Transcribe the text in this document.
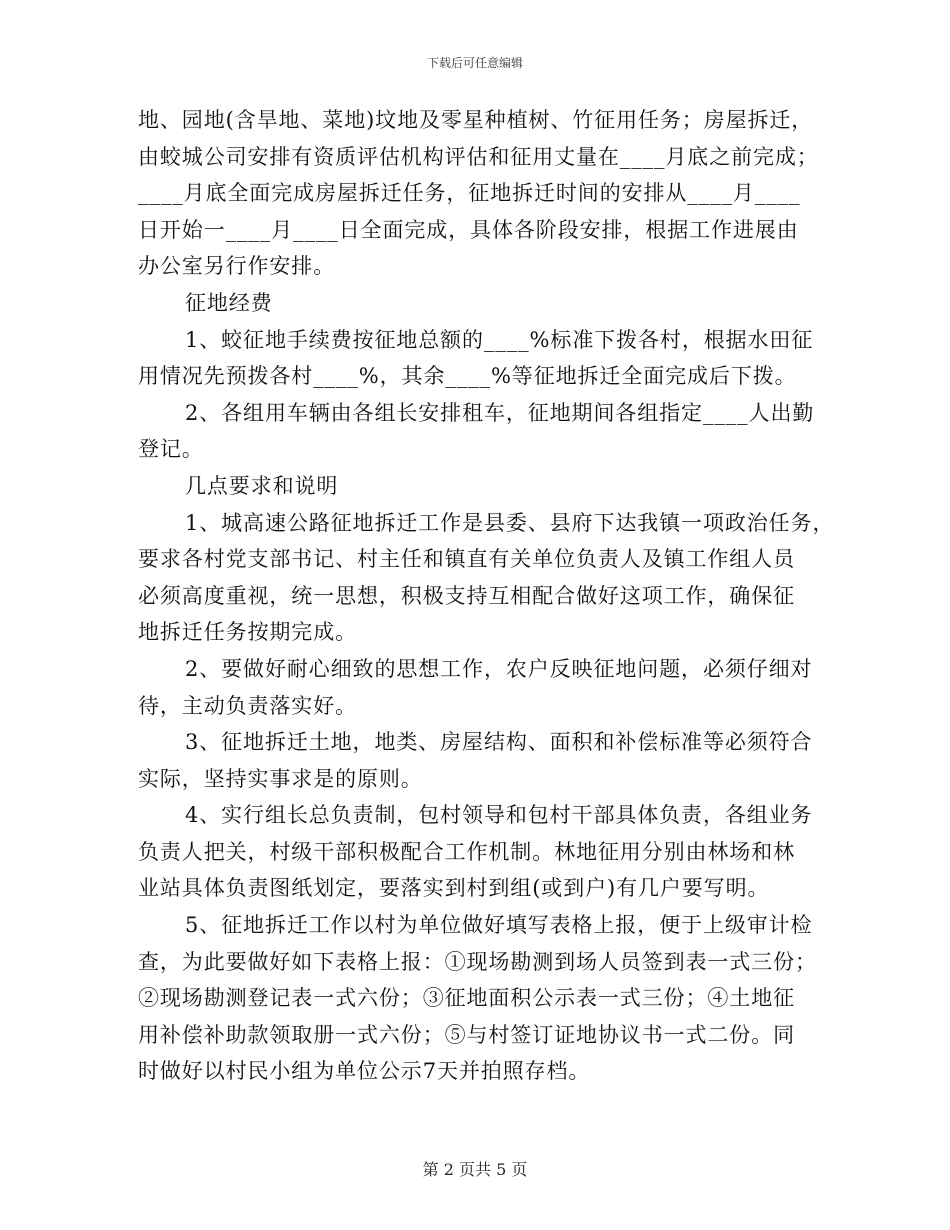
下载后可任意编辑
地、园地(含旱地、菜地)坟地及零星种植树、竹征用任务；房屋拆迁，
由蛟城公司安排有资质评估机构评估和征用丈量在____月底之前完成；
____月底全面完成房屋拆迁任务，征地拆迁时间的安排从____月____
日开始一____月____日全面完成，具体各阶段安排，根据工作进展由
办公室另行作安排。
征地经费
1、蛟征地手续费按征地总额的____%标准下拨各村，根据水田征
用情况先预拨各村____%，其余____%等征地拆迁全面完成后下拨。
2、各组用车辆由各组长安排租车，征地期间各组指定____人出勤
登记。
几点要求和说明
1、城高速公路征地拆迁工作是县委、县府下达我镇一项政治任务，
要求各村党支部书记、村主任和镇直有关单位负责人及镇工作组人员
必须高度重视，统一思想，积极支持互相配合做好这项工作，确保征
地拆迁任务按期完成。
2、要做好耐心细致的思想工作，农户反映征地问题，必须仔细对
待，主动负责落实好。
3、征地拆迁土地，地类、房屋结构、面积和补偿标准等必须符合
实际，坚持实事求是的原则。
4、实行组长总负责制，包村领导和包村干部具体负责，各组业务
负责人把关，村级干部积极配合工作机制。林地征用分别由林场和林
业站具体负责图纸划定，要落实到村到组(或到户)有几户要写明。
5、征地拆迁工作以村为单位做好填写表格上报，便于上级审计检
查，为此要做好如下表格上报：①现场勘测到场人员签到表一式三份；
②现场勘测登记表一式六份；③征地面积公示表一式三份；④土地征
用补偿补助款领取册一式六份；⑤与村签订证地协议书一式二份。同
时做好以村民小组为单位公示7天并拍照存档。
第 2 页共 5 页
